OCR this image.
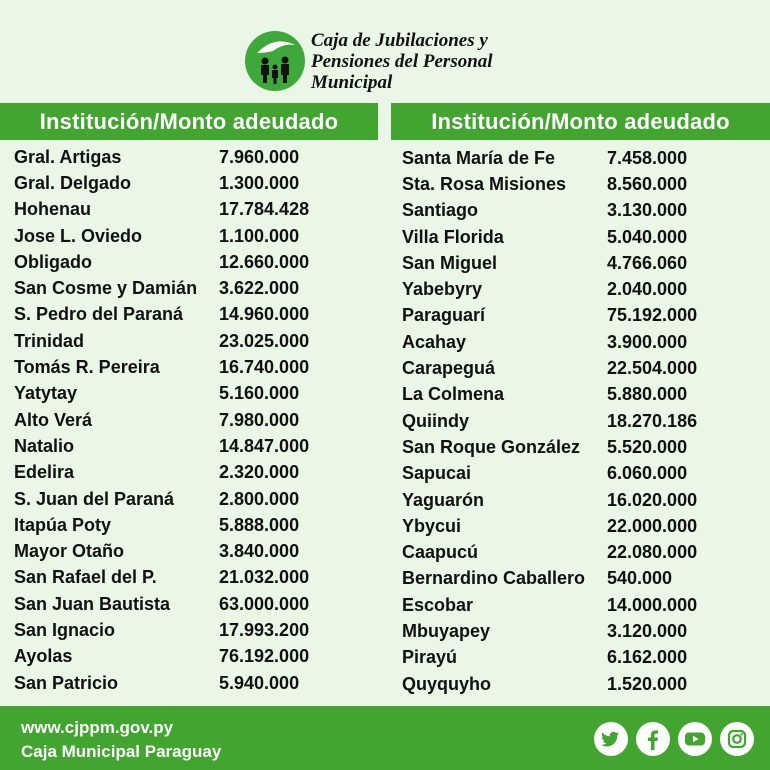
Caja de Jubilaciones y
Pensiones del Personal
Municipal
Institución/Monto adeudado	Institución/Monto adeudado
Gral. Artigas	7.960.000
Gral. Delgado	1.300.000
Hohenau	17.784.428
Jose L. Oviedo	1.100.000
Obligado	12.660.000
San Cosme y Damián 3.622.000
S. Pedro del Paraná 14.960.000
Trinidad	23.025.000
Tomás R. Pereira	16.740.000
Yatytay	5.160.000
Alto Verá	7.980.000
Natalio	14.847.000
Edelira	2.320.000
S. Juan del Paraná 2.800.000
Itapúa Poty	5.888.000
Mayor Otaño	3.840.000
San Rafael del P.	21.032.000
San Juan Bautista	63.000.000
San Ignacio	17.993.200
Ayolas	76.192.000
San Patricio	5.940.000
Santa María de Fe	7.458.000
Sta. Rosa Misiones 8.560.000
Santiago	3.130.000
Villa Florida	5.040.000
San Miguel	4.766.060
Yabebyry	2.040.000
Paraguarí	75.192.000
Acahay	3.900.000
Carapeguá	22.504.000
La Colmena	5.880.000
Quiindy	18.270.186
San Roque González 5.520.000
Sapucai	6.060.000
Yaguarón	16.020.000
Ybycui	22.000.000
Caapucú	22.080.000
Bernardino Caballero 540.000
Escobar	14.000.000
Mbuyapey	3.120.000
Pirayú	6.162.000
Quyquyho	1.520.000
www.cjppm.gov.py
Caja Municipal Paraguay
